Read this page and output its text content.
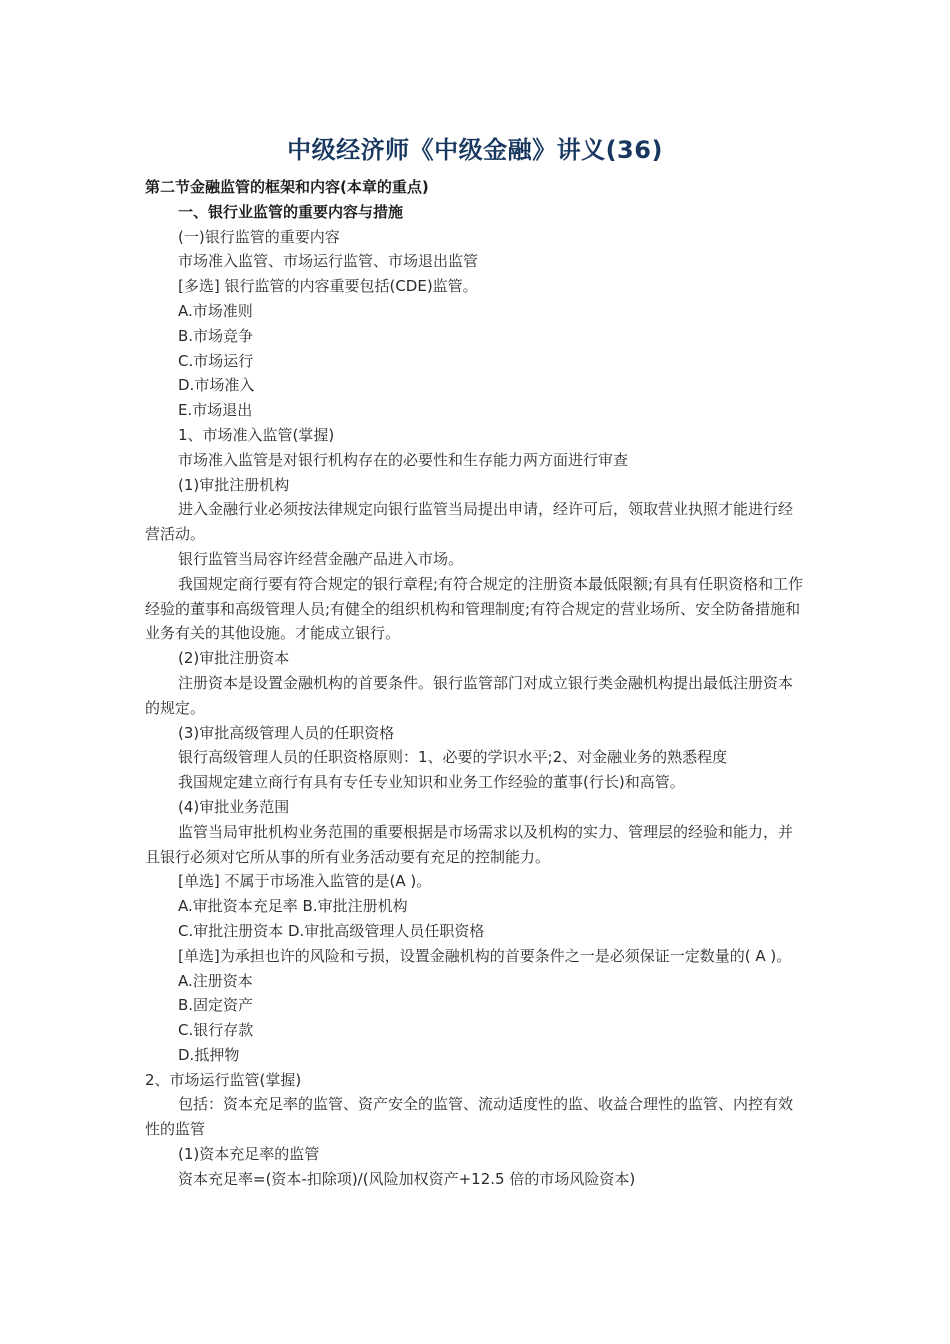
中级经济师《中级金融》讲义(36)

第二节金融监管的框架和内容(本章的重点)

一、银行业监管的重要内容与措施

(一)银行监管的重要内容

市场准入监管、市场运行监管、市场退出监管

[多选] 银行监管的内容重要包括(CDE)监管。

A.市场准则

B.市场竞争

C.市场运行

D.市场准入

E.市场退出

1、市场准入监管(掌握)

市场准入监管是对银行机构存在的必要性和生存能力两方面进行审查

(1)审批注册机构

进入金融行业必须按法律规定向银行监管当局提出申请，经许可后，领取营业执照才能进行经营活动。

银行监管当局容许经营金融产品进入市场。

我国规定商行要有符合规定的银行章程;有符合规定的注册资本最低限额;有具有任职资格和工作经验的董事和高级管理人员;有健全的组织机构和管理制度;有符合规定的营业场所、安全防备措施和业务有关的其他设施。才能成立银行。

(2)审批注册资本

注册资本是设置金融机构的首要条件。银行监管部门对成立银行类金融机构提出最低注册资本的规定。

(3)审批高级管理人员的任职资格

银行高级管理人员的任职资格原则：1、必要的学识水平;2、对金融业务的熟悉程度

我国规定建立商行有具有专任专业知识和业务工作经验的董事(行长)和高管。

(4)审批业务范围

监管当局审批机构业务范围的重要根据是市场需求以及机构的实力、管理层的经验和能力，并且银行必须对它所从事的所有业务活动要有充足的控制能力。

[单选] 不属于市场准入监管的是(A )。

A.审批资本充足率 B.审批注册机构

C.审批注册资本 D.审批高级管理人员任职资格

[单选]为承担也许的风险和亏损，设置金融机构的首要条件之一是必须保证一定数量的( A )。

A.注册资本

B.固定资产

C.银行存款

D.抵押物

2、市场运行监管(掌握)

包括：资本充足率的监管、资产安全的监管、流动适度性的监、收益合理性的监管、内控有效性的监管

(1)资本充足率的监管

资本充足率=(资本-扣除项)/(风险加权资产+12.5 倍的市场风险资本)
